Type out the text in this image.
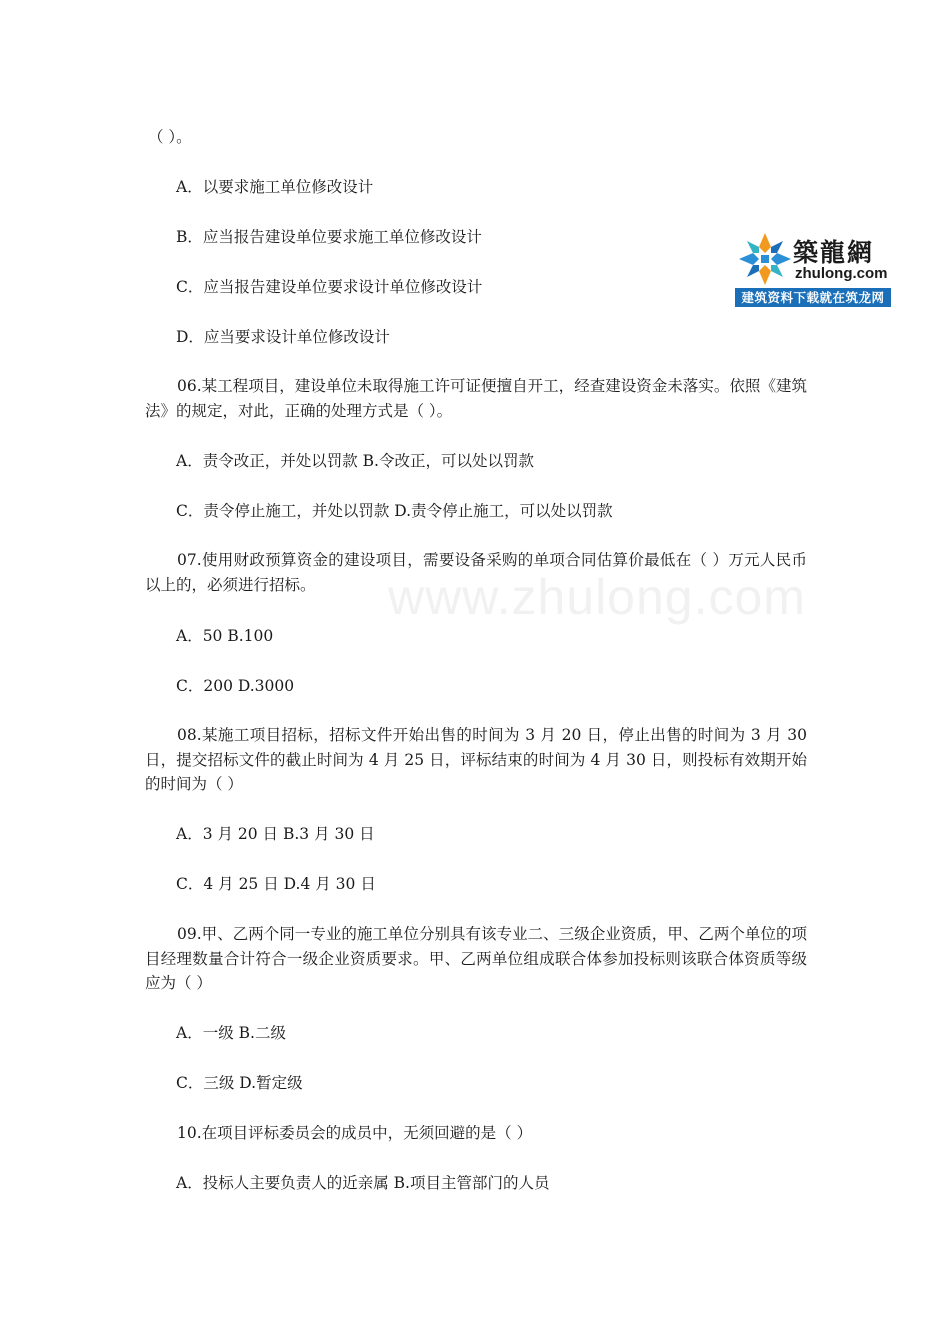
www.zhulong.com
（ ）。
A．以要求施工单位修改设计
B．应当报告建设单位要求施工单位修改设计
C．应当报告建设单位要求设计单位修改设计
D．应当要求设计单位修改设计
06.某工程项目，建设单位未取得施工许可证便擅自开工，经查建设资金未落实。依照《建筑法》的规定，对此，正确的处理方式是（ ）。
A．责令改正，并处以罚款 B.令改正，可以处以罚款
C．责令停止施工，并处以罚款 D.责令停止施工，可以处以罚款
07.使用财政预算资金的建设项目，需要设备采购的单项合同估算价最低在（ ）万元人民币以上的，必须进行招标。
A．50 B.100
C．200 D.3000
08.某施工项目招标，招标文件开始出售的时间为 3 月 20 日，停止出售的时间为 3 月 30 日，提交招标文件的截止时间为 4 月 25 日，评标结束的时间为 4 月 30 日，则投标有效期开始的时间为（ ）
A．3 月 20 日 B.3 月 30 日
C．4 月 25 日 D.4 月 30 日
09.甲、乙两个同一专业的施工单位分别具有该专业二、三级企业资质，甲、乙两个单位的项目经理数量合计符合一级企业资质要求。甲、乙两单位组成联合体参加投标则该联合体资质等级应为（ ）
A．一级 B.二级
C．三级 D.暂定级
10.在项目评标委员会的成员中，无须回避的是（ ）
A．投标人主要负责人的近亲属 B.项目主管部门的人员
築龍網
zhulong.com
建筑资料下载就在筑龙网
